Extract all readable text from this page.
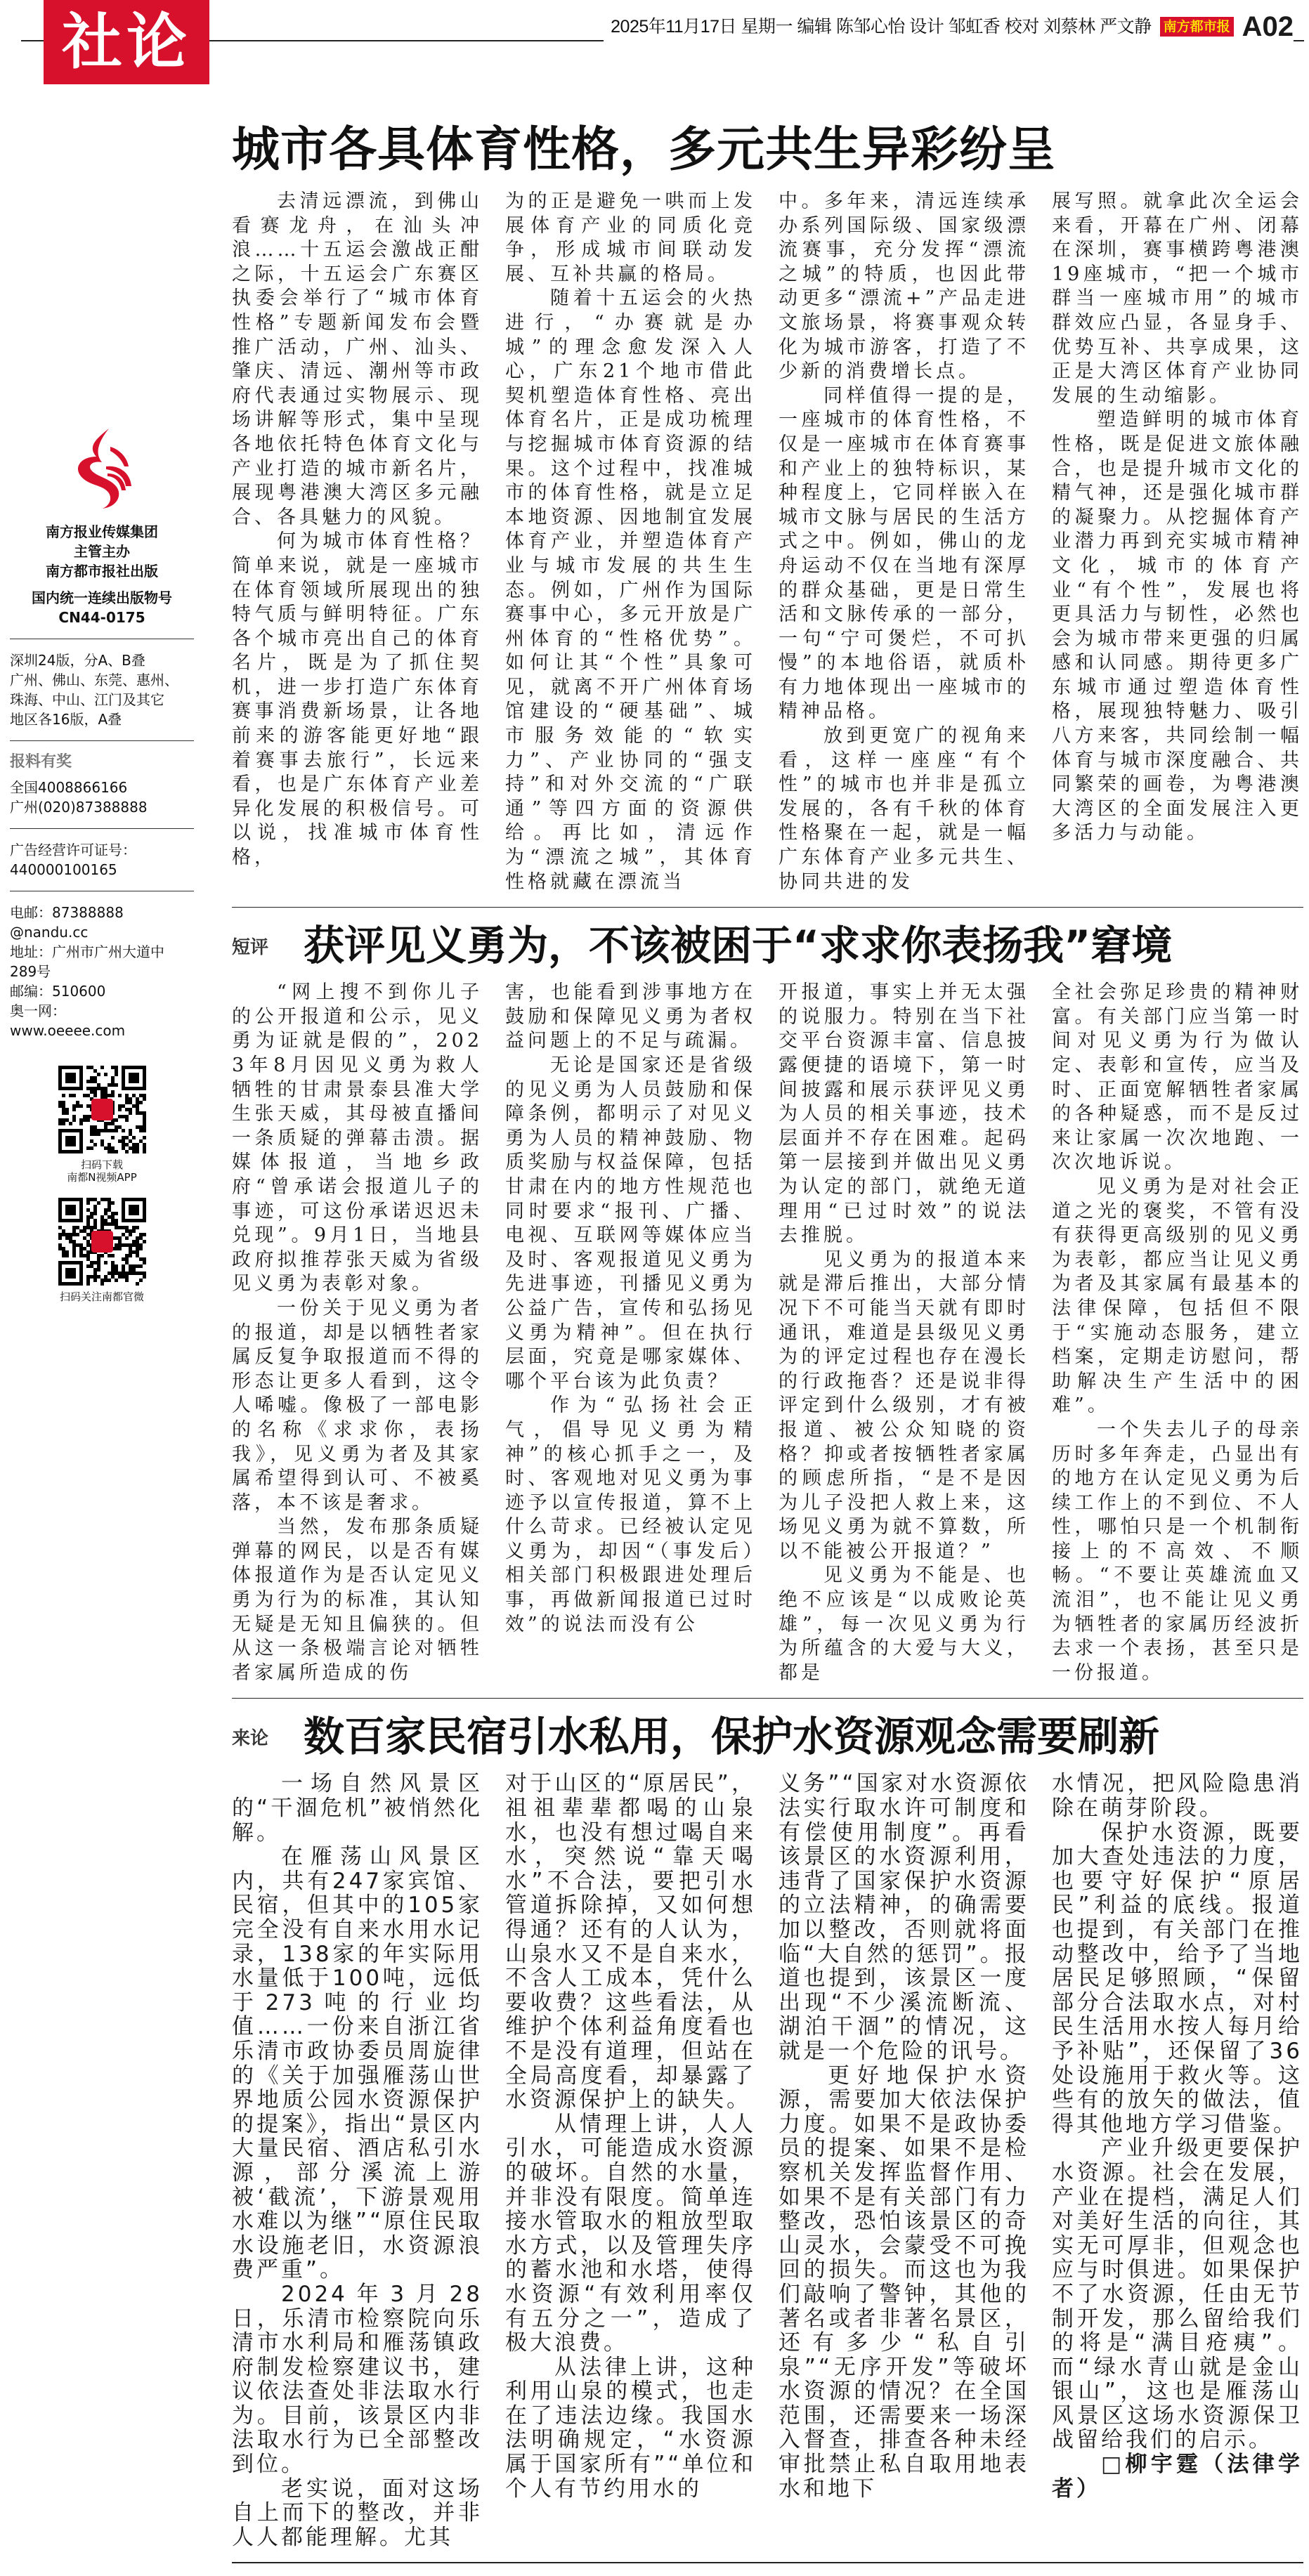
社论	2025年11月17日 星期一 编辑 陈邹心怡 设计 邹虹香 校对 刘蔡林 严文静 南方都市报 A02
南方报业传媒集团
主管主办
南方都市报社出版
国内统一连续出版物号
CN44-0175
深圳24版，分A、B叠
广州、佛山、东莞、惠州、
珠海、中山、江门及其它
地区各16版，A叠
报料有奖
全国4008866166
广州(020)87388888
广告经营许可证号：
440000100165
电邮：87388888
@nandu.cc
地址：广州市广州大道中
289号
邮编：510600
奥一网：
www.oeeee.com
扫码下载
南都N视频APP
扫码关注南都官微
城市各具体育性格，多元共生异彩纷呈

去清远漂流，到佛山看赛龙舟，在汕头冲浪……十五运会激战正酣之际，十五运会广东赛区执委会举行了“城市体育性格”专题新闻发布会暨推广活动，广州、汕头、肇庆、清远、潮州等市政府代表通过实物展示、现场讲解等形式，集中呈现各地依托特色体育文化与产业打造的城市新名片，展现粤港澳大湾区多元融合、各具魅力的风貌。

何为城市体育性格？简单来说，就是一座城市在体育领域所展现出的独特气质与鲜明特征。广东各个城市亮出自己的体育名片，既是为了抓住契机，进一步打造广东体育赛事消费新场景，让各地前来的游客能更好地“跟着赛事去旅行”，长远来看，也是广东体育产业差异化发展的积极信号。可以说，找准城市体育性格，

为的正是避免一哄而上发展体育产业的同质化竞争，形成城市间联动发展、互补共赢的格局。

随着十五运会的火热进行，“办赛就是办城”的理念愈发深入人心，广东21个地市借此契机塑造体育性格、亮出体育名片，正是成功梳理与挖掘城市体育资源的结果。这个过程中，找准城市的体育性格，就是立足本地资源、因地制宜发展体育产业，并塑造体育产业与城市发展的共生生态。例如，广州作为国际赛事中心，多元开放是广州体育的“性格优势”。如何让其“个性”具象可见，就离不开广州体育场馆建设的“硬基础”、城市服务效能的“软实力”、产业协同的“强支持”和对外交流的“广联通”等四方面的资源供给。再比如，清远作为“漂流之城”，其体育性格就藏在漂流当

中。多年来，清远连续承办系列国际级、国家级漂流赛事，充分发挥“漂流之城”的特质，也因此带动更多“漂流+”产品走进文旅场景，将赛事观众转化为城市游客，打造了不少新的消费增长点。

同样值得一提的是，一座城市的体育性格，不仅是一座城市在体育赛事和产业上的独特标识，某种程度上，它同样嵌入在城市文脉与居民的生活方式之中。例如，佛山的龙舟运动不仅在当地有深厚的群众基础，更是日常生活和文脉传承的一部分，一句“宁可煲烂，不可扒慢”的本地俗语，就质朴有力地体现出一座城市的精神品格。

放到更宽广的视角来看，这样一座座“有个性”的城市也并非是孤立发展的，各有千秋的体育性格聚在一起，就是一幅广东体育产业多元共生、协同共进的发

展写照。就拿此次全运会来看，开幕在广州、闭幕在深圳，赛事横跨粤港澳19座城市，“把一个城市群当一座城市用”的城市群效应凸显，各显身手、优势互补、共享成果，这正是大湾区体育产业协同发展的生动缩影。

塑造鲜明的城市体育性格，既是促进文旅体融合，也是提升城市文化的精气神，还是强化城市群的凝聚力。从挖掘体育产业潜力再到充实城市精神文化，城市的体育产业“有个性”，发展也将更具活力与韧性，必然也会为城市带来更强的归属感和认同感。期待更多广东城市通过塑造体育性格，展现独特魅力、吸引八方来客，共同绘制一幅体育与城市深度融合、共同繁荣的画卷，为粤港澳大湾区的全面发展注入更多活力与动能。

短评 获评见义勇为，不该被困于“求求你表扬我”窘境

“网上搜不到你儿子的公开报道和公示，见义勇为证就是假的”，2023年8月因见义勇为救人牺牲的甘肃景泰县准大学生张天威，其母被直播间一条质疑的弹幕击溃。据媒体报道，当地乡政府“曾承诺会报道儿子的事迹，可这份承诺迟迟未兑现”。9月1日，当地县政府拟推荐张天威为省级见义勇为表彰对象。

一份关于见义勇为者的报道，却是以牺牲者家属反复争取报道而不得的形态让更多人看到，这令人唏嘘。像极了一部电影的名称《求求你，表扬我》，见义勇为者及其家属希望得到认可、不被奚落，本不该是奢求。

当然，发布那条质疑弹幕的网民，以是否有媒体报道作为是否认定见义勇为行为的标准，其认知无疑是无知且偏狭的。但从这一条极端言论对牺牲者家属所造成的伤

害，也能看到涉事地方在鼓励和保障见义勇为者权益问题上的不足与疏漏。

无论是国家还是省级的见义勇为人员鼓励和保障条例，都明示了对见义勇为人员的精神鼓励、物质奖励与权益保障，包括甘肃在内的地方性规范也同时要求“报刊、广播、电视、互联网等媒体应当及时、客观报道见义勇为先进事迹，刊播见义勇为公益广告，宣传和弘扬见义勇为精神”。但在执行层面，究竟是哪家媒体、哪个平台该为此负责？

作为“弘扬社会正气，倡导见义勇为精神”的核心抓手之一，及时、客观地对见义勇为事迹予以宣传报道，算不上什么苛求。已经被认定见义勇为，却因“（事发后）相关部门积极跟进处理后事，再做新闻报道已过时效”的说法而没有公

开报道，事实上并无太强的说服力。特别在当下社交平台资源丰富、信息披露便捷的语境下，第一时间披露和展示获评见义勇为人员的相关事迹，技术层面并不存在困难。起码第一层接到并做出见义勇为认定的部门，就绝无道理用“已过时效”的说法去推脱。

见义勇为的报道本来就是滞后推出，大部分情况下不可能当天就有即时通讯，难道是县级见义勇为的评定过程也存在漫长的行政拖沓？还是说非得评定到什么级别，才有被报道、被公众知晓的资格？抑或者按牺牲者家属的顾虑所指，“是不是因为儿子没把人救上来，这场见义勇为就不算数，所以不能被公开报道？”

见义勇为不能是、也绝不应该是“以成败论英雄”，每一次见义勇为行为所蕴含的大爱与大义，都是

全社会弥足珍贵的精神财富。有关部门应当第一时间对见义勇为行为做认定、表彰和宣传，应当及时、正面宽解牺牲者家属的各种疑惑，而不是反过来让家属一次次地跑、一次次地诉说。

见义勇为是对社会正道之光的褒奖，不管有没有获得更高级别的见义勇为表彰，都应当让见义勇为者及其家属有最基本的法律保障，包括但不限于“实施动态服务，建立档案，定期走访慰问，帮助解决生产生活中的困难”。

一个失去儿子的母亲历时多年奔走，凸显出有的地方在认定见义勇为后续工作上的不到位、不人性，哪怕只是一个机制衔接上的不高效、不顺畅。“不要让英雄流血又流泪”，也不能让见义勇为牺牲者的家属历经波折去求一个表扬，甚至只是一份报道。

来论 数百家民宿引水私用，保护水资源观念需要刷新

一场自然风景区的“干涸危机”被悄然化解。

在雁荡山风景区内，共有247家宾馆、民宿，但其中的105家完全没有自来水用水记录，138家的年实际用水量低于100吨，远低于273吨的行业均值……一份来自浙江省乐清市政协委员周旋律的《关于加强雁荡山世界地质公园水资源保护的提案》，指出“景区内大量民宿、酒店私引水源，部分溪流上游被‘截流’，下游景观用水难以为继”“原住民取水设施老旧，水资源浪费严重”。

2024年3月28日，乐清市检察院向乐清市水利局和雁荡镇政府制发检察建议书，建议依法查处非法取水行为。目前，该景区内非法取水行为已全部整改到位。

老实说，面对这场自上而下的整改，并非人人都能理解。尤其

对于山区的“原居民”，祖祖辈辈都喝的山泉水，也没有想过喝自来水，突然说“靠天喝水”不合法，要把引水管道拆除掉，又如何想得通？还有的人认为，山泉水又不是自来水，不含人工成本，凭什么要收费？这些看法，从维护个体利益角度看也不是没有道理，但站在全局高度看，却暴露了水资源保护上的缺失。

从情理上讲，人人引水，可能造成水资源的破坏。自然的水量，并非没有限度。简单连接水管取水的粗放型取水方式，以及管理失序的蓄水池和水塔，使得水资源“有效利用率仅有五分之一”，造成了极大浪费。

从法律上讲，这种利用山泉的模式，也走在了违法边缘。我国水法明确规定，“水资源属于国家所有”“单位和个人有节约用水的

义务”“国家对水资源依法实行取水许可制度和有偿使用制度”。再看该景区的水资源利用，违背了国家保护水资源的立法精神，的确需要加以整改，否则就将面临“大自然的惩罚”。报道也提到，该景区一度出现“不少溪流断流、湖泊干涸”的情况，这就是一个危险的讯号。

更好地保护水资源，需要加大依法保护力度。如果不是政协委员的提案、如果不是检察机关发挥监督作用、如果不是有关部门有力整改，恐怕该景区的奇山灵水，会蒙受不可挽回的损失。而这也为我们敲响了警钟，其他的著名或者非著名景区，还有多少“私自引泉”“无序开发”等破坏水资源的情况？在全国范围，还需要来一场深入督查，排查各种未经审批禁止私自取用地表水和地下

水情况，把风险隐患消除在萌芽阶段。

保护水资源，既要加大查处违法的力度，也要守好保护“原居民”利益的底线。报道也提到，有关部门在推动整改中，给予了当地居民足够照顾，“保留部分合法取水点，对村民生活用水按人每月给予补贴”，还保留了36处设施用于救火等。这些有的放矢的做法，值得其他地方学习借鉴。

产业升级更要保护水资源。社会在发展，产业在提档，满足人们对美好生活的向往，其实无可厚非，但观念也应与时俱进。如果保护不了水资源，任由无节制开发，那么留给我们的将是“满目疮痍”。而“绿水青山就是金山银山”，这也是雁荡山风景区这场水资源保卫战留给我们的启示。

□柳宇霆（法律学者）
